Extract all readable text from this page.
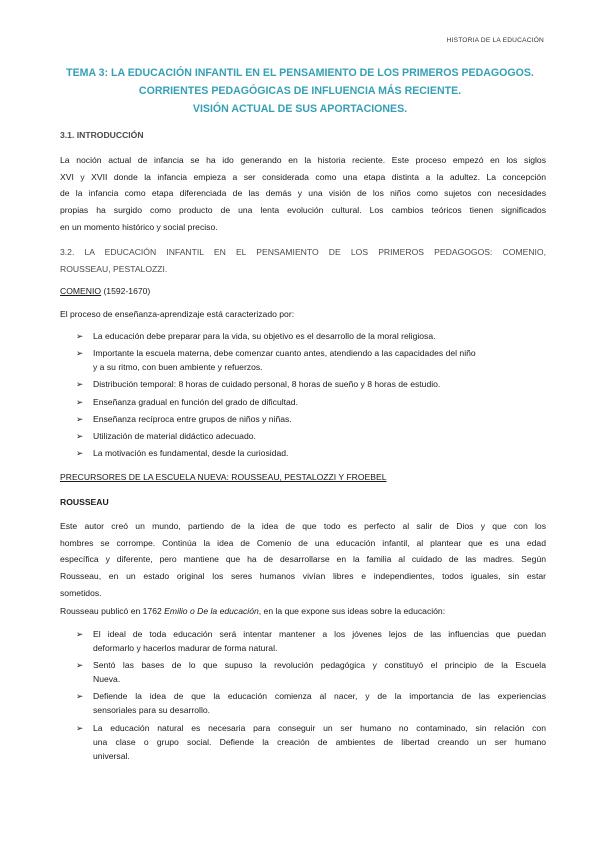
HISTORIA DE LA EDUCACIÓN
TEMA 3: LA EDUCACIÓN INFANTIL EN EL PENSAMIENTO DE LOS PRIMEROS PEDAGOGOS.
CORRIENTES PEDAGÓGICAS DE INFLUENCIA MÁS RECIENTE.
VISIÓN ACTUAL DE SUS APORTACIONES.
3.1. INTRODUCCIÓN
La noción actual de infancia se ha ido generando en la historia reciente. Este proceso empezó en los siglos
XVI y XVII donde la infancia empieza a ser considerada como una etapa distinta a la adultez. La concepción
de la infancia como etapa diferenciada de las demás y una visión de los niños como sujetos con necesidades
propias ha surgido como producto de una lenta evolución cultural. Los cambios teóricos tienen significados
en un momento histórico y social preciso.
3.2. LA EDUCACIÓN INFANTIL EN EL PENSAMIENTO DE LOS PRIMEROS PEDAGOGOS: COMENIO,
ROUSSEAU, PESTALOZZI.
COMENIO (1592-1670)
El proceso de enseñanza-aprendizaje está caracterizado por:
➢ La educación debe preparar para la vida, su objetivo es el desarrollo de la moral religiosa.
➢ Importante la escuela materna, debe comenzar cuanto antes, atendiendo a las capacidades del niño
y a su ritmo, con buen ambiente y refuerzos.
➢ Distribución temporal: 8 horas de cuidado personal, 8 horas de sueño y 8 horas de estudio.
➢ Enseñanza gradual en función del grado de dificultad.
➢ Enseñanza recíproca entre grupos de niños y niñas.
➢ Utilización de material didáctico adecuado.
➢ La motivación es fundamental, desde la curiosidad.
PRECURSORES DE LA ESCUELA NUEVA: ROUSSEAU, PESTALOZZI Y FROEBEL
ROUSSEAU
Este autor creó un mundo, partiendo de la idea de que todo es perfecto al salir de Dios y que con los
hombres se corrompe. Continúa la idea de Comenio de una educación infantil, al plantear que es una edad
específica y diferente, pero mantiene que ha de desarrollarse en la familia al cuidado de las madres. Según
Rousseau, en un estado original los seres humanos vivían libres e independientes, todos iguales, sin estar
sometidos.
Rousseau publicó en 1762 Emilio o De la educación, en la que expone sus ideas sobre la educación:
➢ El ideal de toda educación será intentar mantener a los jóvenes lejos de las influencias que puedan
deformarlo y hacerlos madurar de forma natural.
➢ Sentó las bases de lo que supuso la revolución pedagógica y constituyó el principio de la Escuela
Nueva.
➢ Defiende la idea de que la educación comienza al nacer, y de la importancia de las experiencias
sensoriales para su desarrollo.
➢ La educación natural es necesaria para conseguir un ser humano no contaminado, sin relación con
una clase o grupo social. Defiende la creación de ambientes de libertad creando un ser humano
universal.
